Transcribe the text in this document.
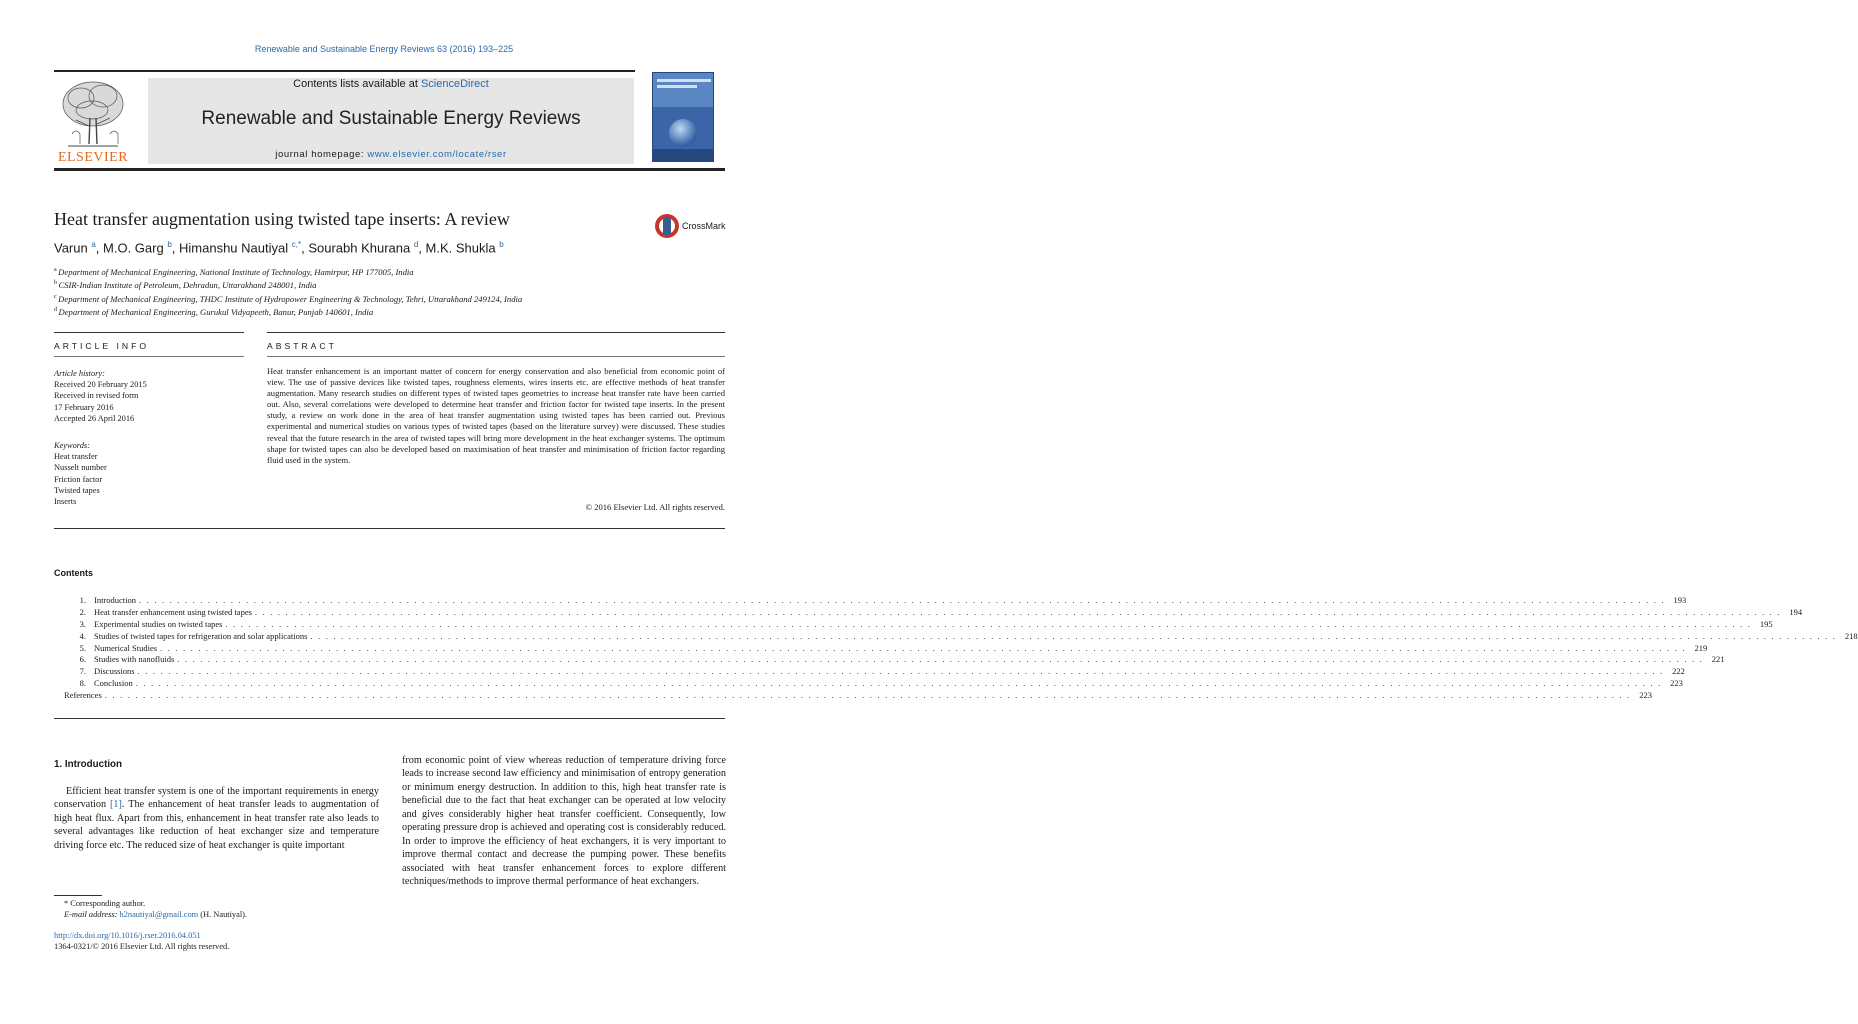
Renewable and Sustainable Energy Reviews 63 (2016) 193–225
ELSEVIER
Contents lists available at ScienceDirect
Renewable and Sustainable Energy Reviews
journal homepage: www.elsevier.com/locate/rser
Heat transfer augmentation using twisted tape inserts: A review
Varun $^a$, M.O. Garg $^b$, Himanshu Nautiyal $^{c,*}$, Sourabh Khurana $^d$, M.K. Shukla $^b$
CrossMark
$^a$ Department of Mechanical Engineering, National Institute of Technology, Hamirpur, HP 177005, India
$^b$ CSIR-Indian Institute of Petroleum, Dehradun, Uttarakhand 248001, India
$^c$ Department of Mechanical Engineering, THDC Institute of Hydropower Engineering & Technology, Tehri, Uttarakhand 249124, India
$^d$ Department of Mechanical Engineering, Gurukul Vidyapeeth, Banur, Punjab 140601, India
ARTICLE INFO	ABSTRACT
Article history:
Received 20 February 2015
Received in revised form
17 February 2016
Accepted 26 April 2016
Keywords:
Heat transfer
Nusselt number
Friction factor
Twisted tapes
Inserts
Heat transfer enhancement is an important matter of concern for energy conservation and also beneficial from economic point of view. The use of passive devices like twisted tapes, roughness elements, wires inserts etc. are effective methods of heat transfer augmentation. Many research studies on different types of twisted tapes geometries to increase heat transfer rate have been carried out. Also, several correlations were developed to determine heat transfer and friction factor for twisted tape inserts. In the present study, a review on work done in the area of heat transfer augmentation using twisted tapes has been carried out. Previous experimental and numerical studies on various types of twisted tapes (based on the literature survey) were discussed. These studies reveal that the future research in the area of twisted tapes will bring more development in the heat exchanger systems. The optimum shape for twisted tapes can also be developed based on maximisation of heat transfer and minimisation of friction factor regarding fluid used in the system.
© 2016 Elsevier Ltd. All rights reserved.
Contents
1. Introduction . . . . . . . . . . . . . . . . . . . . . . . . . . . . . . . . . . . . . . . . . . . . . . . . . . . . . . . . . . . . . . . . . . . . . . . . . . . . . . . . . . . . . . . . . . . . . . . . . . . . . . . . . . . . . . . . . . . . . . . . . . . . . . . . . . . . . . . . . . . . . . . . . . . . . . . . . . . . . . . . . . . . . . . . . . . . . . . . . . . . . . . . . . . . . . . . . . . . . . . . 193
2. Heat transfer enhancement using twisted tapes . . . . . . . . . . . . . . . . . . . . . . . . . . . . . . . . . . . . . . . . . . . . . . . . . . . . . . . . . . . . . . . . . . . . . . . . . . . . . . . . . . . . . . . . . . . . . . . . . . . . . . . . . . . . . . . . . . . . . . . . . . . . . . . . . . . . . . . . . . . . . . . . . . . . . . . . . . . . . . . . . . . . . . . . . . . . . . . . . . . . . . . . . . . . . . . . . . . . . . . . 194
3. Experimental studies on twisted tapes . . . . . . . . . . . . . . . . . . . . . . . . . . . . . . . . . . . . . . . . . . . . . . . . . . . . . . . . . . . . . . . . . . . . . . . . . . . . . . . . . . . . . . . . . . . . . . . . . . . . . . . . . . . . . . . . . . . . . . . . . . . . . . . . . . . . . . . . . . . . . . . . . . . . . . . . . . . . . . . . . . . . . . . . . . . . . . . . . . . . . . . . . . . . . . . . . . . . . . . . 195
4. Studies of twisted tapes for refrigeration and solar applications . . . . . . . . . . . . . . . . . . . . . . . . . . . . . . . . . . . . . . . . . . . . . . . . . . . . . . . . . . . . . . . . . . . . . . . . . . . . . . . . . . . . . . . . . . . . . . . . . . . . . . . . . . . . . . . . . . . . . . . . . . . . . . . . . . . . . . . . . . . . . . . . . . . . . . . . . . . . . . . . . . . . . . . . . . . . . . . . . . . . . . . . . . . . . . . . . . . . . . . . 218
5. Numerical Studies . . . . . . . . . . . . . . . . . . . . . . . . . . . . . . . . . . . . . . . . . . . . . . . . . . . . . . . . . . . . . . . . . . . . . . . . . . . . . . . . . . . . . . . . . . . . . . . . . . . . . . . . . . . . . . . . . . . . . . . . . . . . . . . . . . . . . . . . . . . . . . . . . . . . . . . . . . . . . . . . . . . . . . . . . . . . . . . . . . . . . . . . . . . . . . . . . . . . . . . . 219
6. Studies with nanofluids . . . . . . . . . . . . . . . . . . . . . . . . . . . . . . . . . . . . . . . . . . . . . . . . . . . . . . . . . . . . . . . . . . . . . . . . . . . . . . . . . . . . . . . . . . . . . . . . . . . . . . . . . . . . . . . . . . . . . . . . . . . . . . . . . . . . . . . . . . . . . . . . . . . . . . . . . . . . . . . . . . . . . . . . . . . . . . . . . . . . . . . . . . . . . . . . . . . . . . . . 221
7. Discussions . . . . . . . . . . . . . . . . . . . . . . . . . . . . . . . . . . . . . . . . . . . . . . . . . . . . . . . . . . . . . . . . . . . . . . . . . . . . . . . . . . . . . . . . . . . . . . . . . . . . . . . . . . . . . . . . . . . . . . . . . . . . . . . . . . . . . . . . . . . . . . . . . . . . . . . . . . . . . . . . . . . . . . . . . . . . . . . . . . . . . . . . . . . . . . . . . . . . . . . . 222
8. Conclusion . . . . . . . . . . . . . . . . . . . . . . . . . . . . . . . . . . . . . . . . . . . . . . . . . . . . . . . . . . . . . . . . . . . . . . . . . . . . . . . . . . . . . . . . . . . . . . . . . . . . . . . . . . . . . . . . . . . . . . . . . . . . . . . . . . . . . . . . . . . . . . . . . . . . . . . . . . . . . . . . . . . . . . . . . . . . . . . . . . . . . . . . . . . . . . . . . . . . . . . . 223
References . . . . . . . . . . . . . . . . . . . . . . . . . . . . . . . . . . . . . . . . . . . . . . . . . . . . . . . . . . . . . . . . . . . . . . . . . . . . . . . . . . . . . . . . . . . . . . . . . . . . . . . . . . . . . . . . . . . . . . . . . . . . . . . . . . . . . . . . . . . . . . . . . . . . . . . . . . . . . . . . . . . . . . . . . . . . . . . . . . . . . . . . . . . . . . . . . . . . . . . . 223
1. Introduction
Efficient heat transfer system is one of the important requirements in energy conservation [1]. The enhancement of heat transfer leads to augmentation of high heat flux. Apart from this, enhancement in heat transfer rate also leads to several advantages like reduction of heat exchanger size and temperature driving force etc. The reduced size of heat exchanger is quite important
from economic point of view whereas reduction of temperature driving force leads to increase second law efficiency and minimisation of entropy generation or minimum energy destruction. In addition to this, high heat transfer rate is beneficial due to the fact that heat exchanger can be operated at low velocity and gives considerably higher heat transfer coefficient. Consequently, low operating pressure drop is achieved and operating cost is considerably reduced. In order to improve the efficiency of heat exchangers, it is very important to improve thermal contact and decrease the pumping power. These benefits associated with heat transfer enhancement forces to explore different techniques/methods to improve thermal performance of heat exchangers.
* Corresponding author.
E-mail address: h2nautiyal@gmail.com (H. Nautiyal).
http://dx.doi.org/10.1016/j.rser.2016.04.051
1364-0321/© 2016 Elsevier Ltd. All rights reserved.
